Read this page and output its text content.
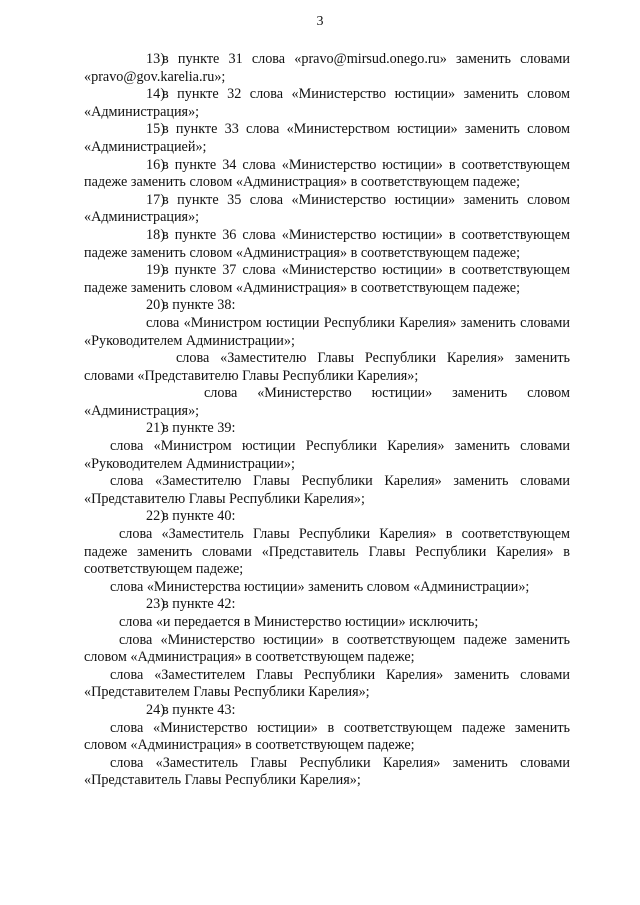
3

13)в пункте 31 слова «pravo@mirsud.onego.ru» заменить словами «pravo@gov.karelia.ru»;

14)в пункте 32 слова «Министерство юстиции» заменить словом «Администрация»;

15)в пункте 33 слова «Министерством юстиции» заменить словом «Администрацией»;

16)в пункте 34 слова «Министерство юстиции» в соответствующем падеже заменить словом «Администрация» в соответствующем падеже;

17)в пункте 35 слова «Министерство юстиции» заменить словом «Администрация»;

18)в пункте 36 слова «Министерство юстиции» в соответствующем падеже заменить словом «Администрация» в соответствующем падеже;

19)в пункте 37 слова «Министерство юстиции» в соответствующем падеже заменить словом «Администрация» в соответствующем падеже;

20)в пункте 38:

слова «Министром юстиции Республики Карелия» заменить словами «Руководителем Администрации»;

слова «Заместителю Главы Республики Карелия» заменить словами «Представителю Главы Республики Карелия»;

слова «Министерство юстиции» заменить словом «Администрация»;

21)в пункте 39:

слова «Министром юстиции Республики Карелия» заменить словами «Руководителем Администрации»;

слова «Заместителю Главы Республики Карелия» заменить словами «Представителю Главы Республики Карелия»;

22)в пункте 40:

слова «Заместитель Главы Республики Карелия» в соответствующем падеже заменить словами «Представитель Главы Республики Карелия» в соответствующем падеже;

слова «Министерства юстиции» заменить словом «Администрации»;

23)в пункте 42:

слова «и передается в Министерство юстиции» исключить;

слова «Министерство юстиции» в соответствующем падеже заменить словом «Администрация» в соответствующем падеже;

слова «Заместителем Главы Республики Карелия» заменить словами «Представителем Главы Республики Карелия»;

24)в пункте 43:

слова «Министерство юстиции» в соответствующем падеже заменить словом «Администрация» в соответствующем падеже;

слова «Заместитель Главы Республики Карелия» заменить словами «Представитель Главы Республики Карелия»;
